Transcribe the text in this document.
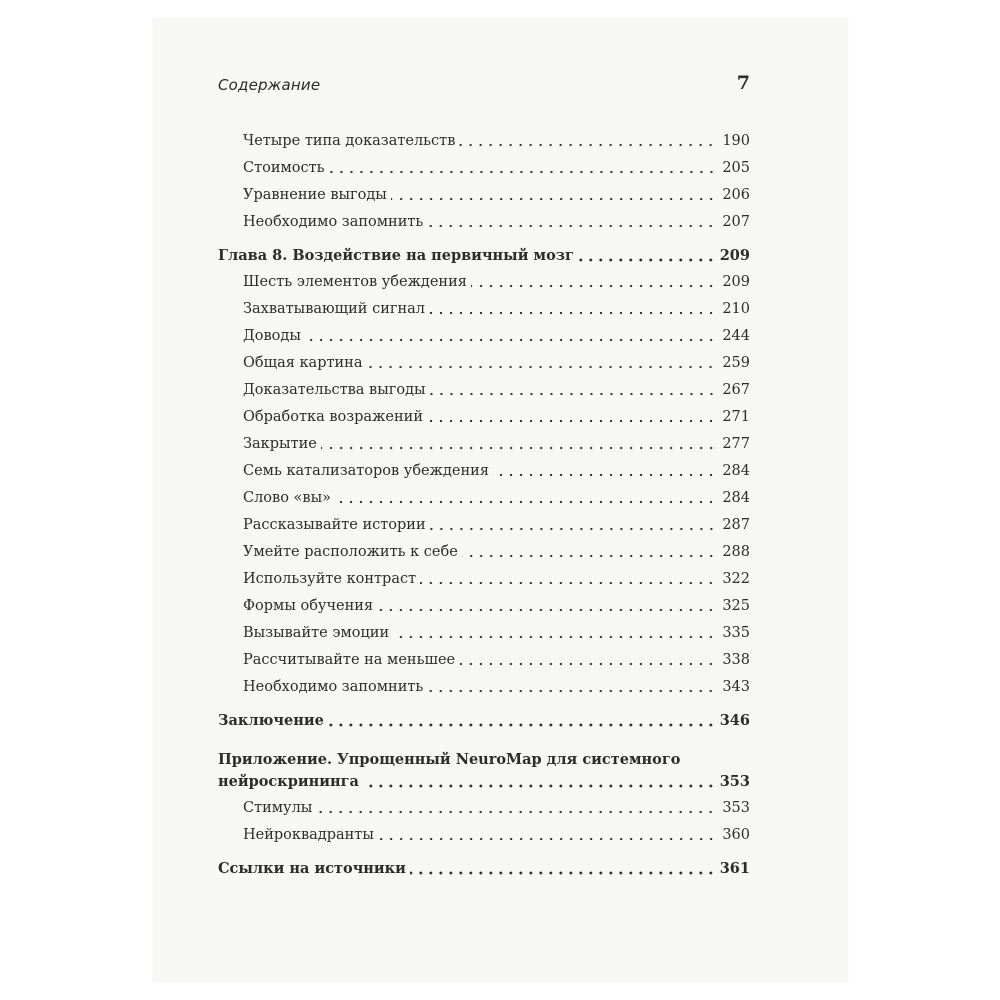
Содержание	7
Четыре типа доказательств	190
Стоимость	205
Уравнение выгоды	206
Необходимо запомнить	207
Глава 8. Воздействие на первичный мозг	209
Шесть элементов убеждения	209
Захватывающий сигнал	210
Доводы	244
Общая картина	259
Доказательства выгоды	267
Обработка возражений	271
Закрытие	277
Семь катализаторов убеждения	284
Слово «вы»	284
Рассказывайте истории	287
Умейте расположить к себе	288
Используйте контраст	322
Формы обучения	325
Вызывайте эмоции	335
Рассчитывайте на меньшее	338
Необходимо запомнить	343
Заключение	346
Приложение. Упрощенный NeuroMap для системного
нейроскрининга	353
Стимулы	353
Нейроквадранты	360
Ссылки на источники	361
